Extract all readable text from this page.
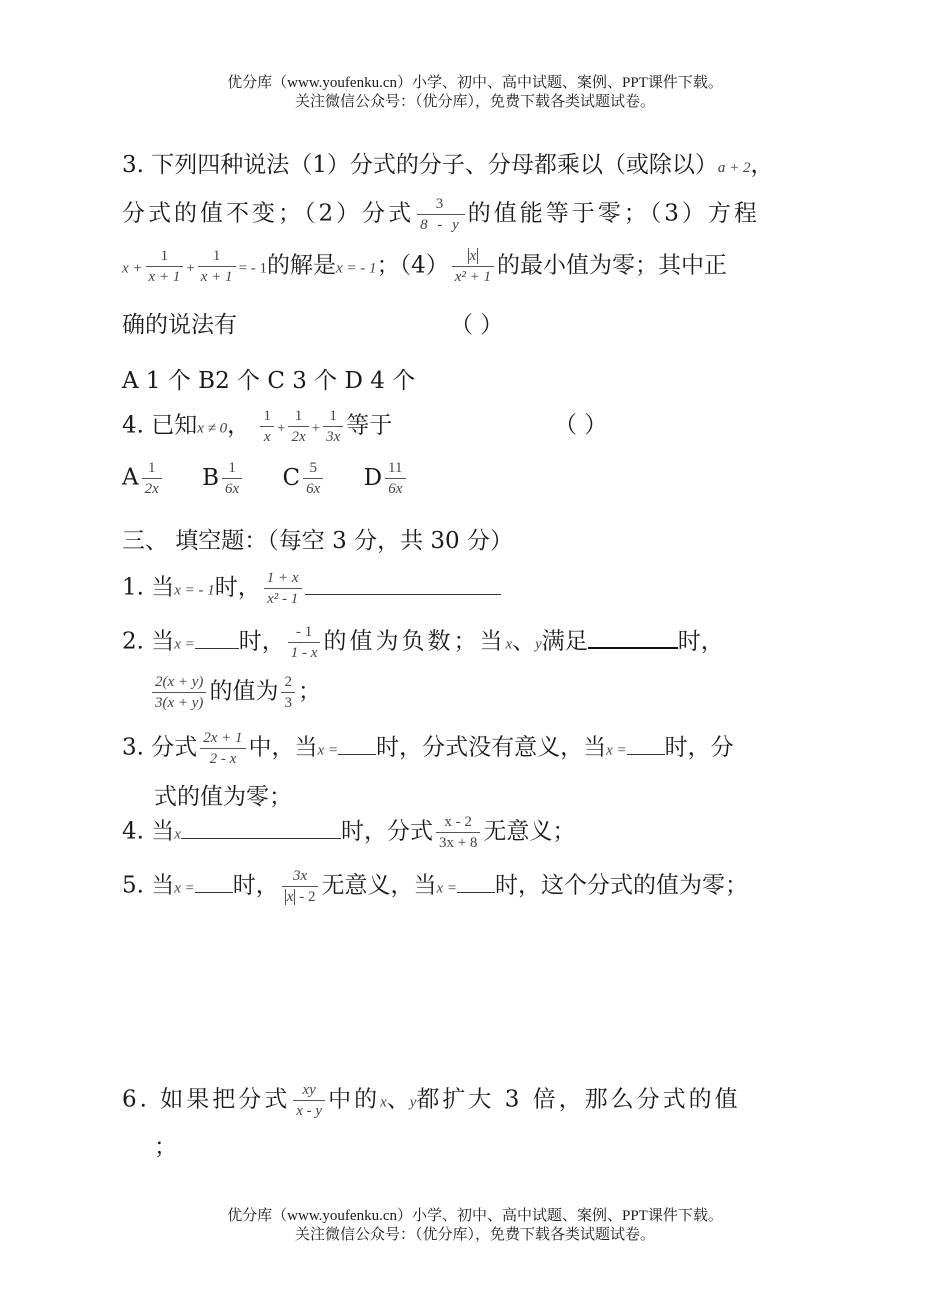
优分库（www.youfenku.cn）小学、初中、高中试题、案例、PPT课件下载。
关注微信公众号：（优分库），免费下载各类试题试卷。
3. 下列四种说法（1）分式的分子、分母都乘以（或除以）a + 2，
分式的值不变；（2）分式 $\frac{3}{8 - y}$ 的值能等于零；（3）方程
$x + \frac{1}{x + 1} + \frac{1}{x + 1}$ = - 1的解是x = - 1；$(4) \frac{x}{\text{x² + 1}}$ 的最小值为零；其中正
确的说法有	（ ）
A 1 个 B2 个 C 3 个 D 4 个
4. 已知x ≠ 0， $\frac{1}{x} + \frac{1}{2x} + \frac{1}{3x}$ 等于	（ ）
A $\frac{1}{2x}$ B $\frac{1}{6x}$ C $\frac{5}{6x}$ D $\frac{11}{6x}$
三、 填空题：（每空 3 分，共 30 分）
1. 当x = - 1时， $\frac{1 + x}{\text{x² - 1}}$
2. 当x = 时， $\frac{- 1}{1 - x}$ 的值为负数；当x、y满足	时，
$\frac{2(x + y)}{3(x + y)}$ 的值为 $\frac{2}{3}$ ；
3. 分式 $\frac{2x + 1}{2 - x}$ 中，当x = 时，分式没有意义，当x = 时，分
式的值为零；
4. 当x	时，分式 $\frac{x - 2}{3x + 8}$ 无意义；
5. 当x = 时， $\frac{3x}{x - 2}$ 无意义，当x = 时，这个分式的值为零；
6. 如果把分式 $\frac{xy}{x - y}$ 中的x、y都扩大 3 倍，那么分式的值
；
优分库（www.youfenku.cn）小学、初中、高中试题、案例、PPT课件下载。
关注微信公众号：（优分库），免费下载各类试题试卷。
